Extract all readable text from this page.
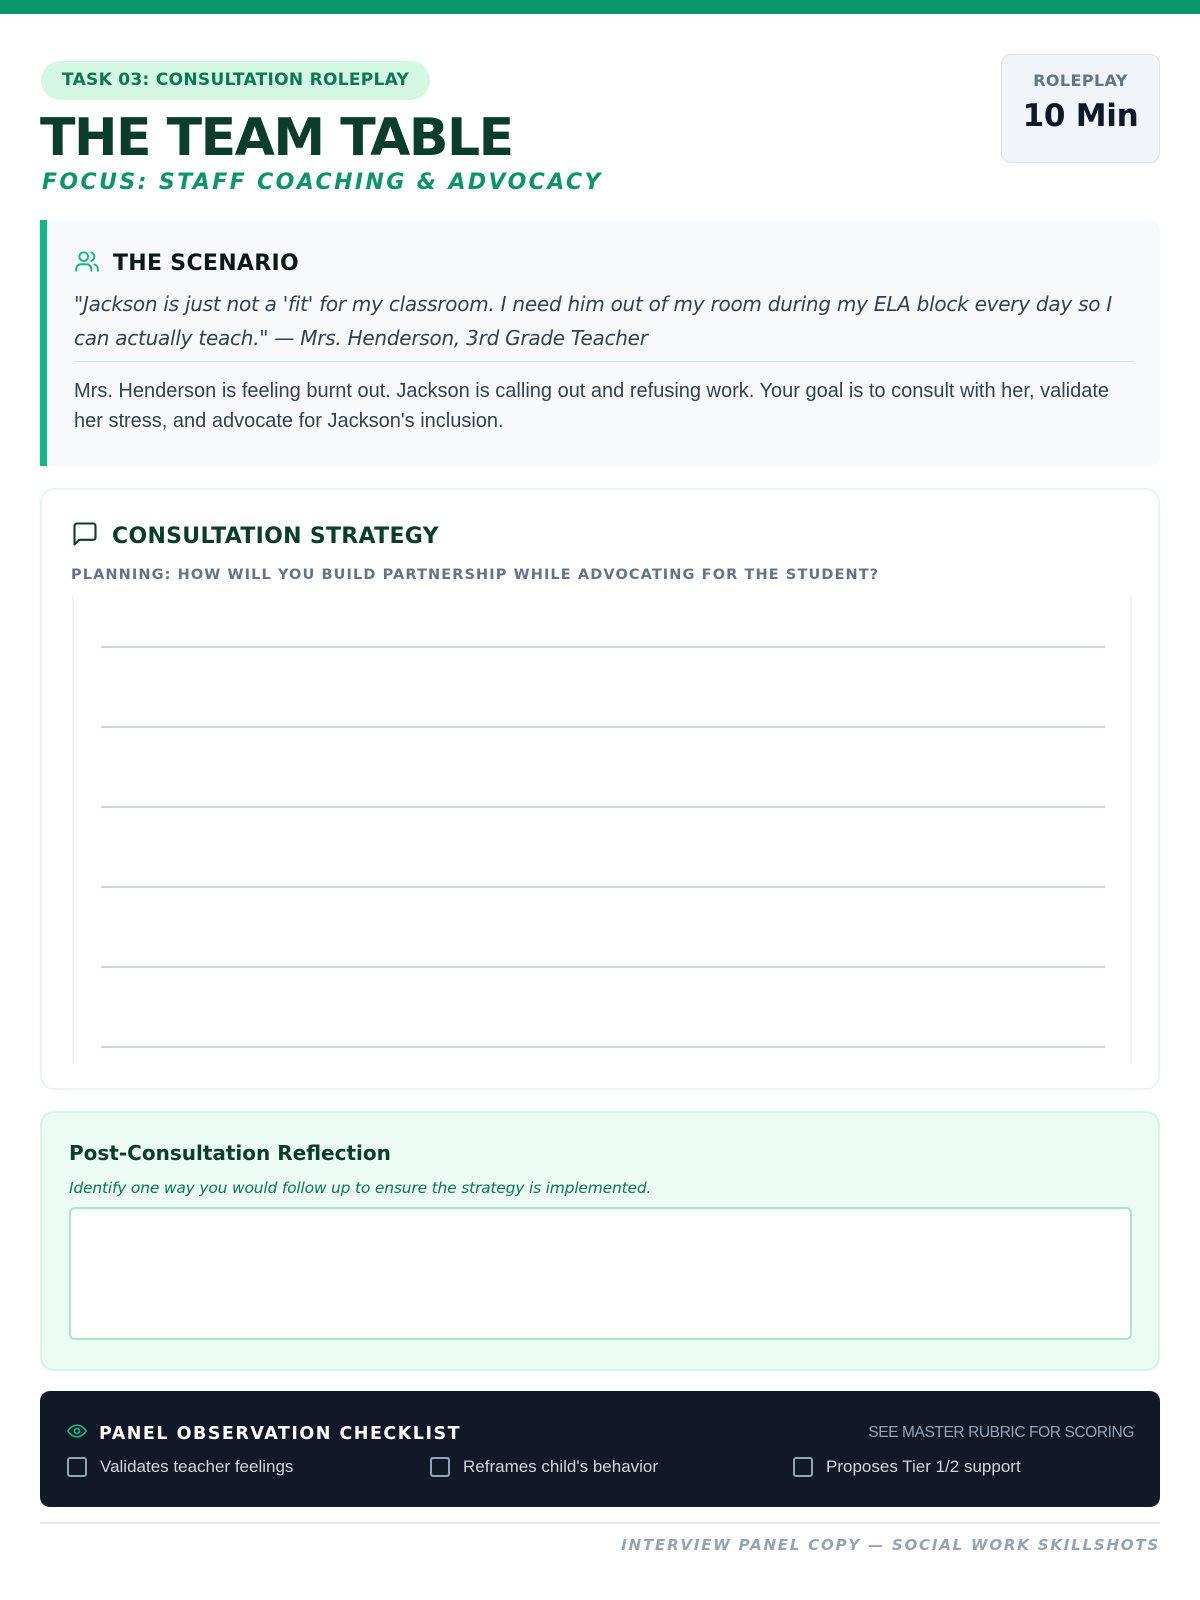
TASK 03: CONSULTATION ROLEPLAY
THE TEAM TABLE
FOCUS: STAFF COACHING & ADVOCACY
ROLEPLAY
10 Min
THE SCENARIO

"Jackson is just not a 'fit' for my classroom. I need him out of my room during my ELA block every day so I can actually teach." — Mrs. Henderson, 3rd Grade Teacher

Mrs. Henderson is feeling burnt out. Jackson is calling out and refusing work. Your goal is to consult with her, validate her stress, and advocate for Jackson's inclusion.

CONSULTATION STRATEGY

PLANNING: HOW WILL YOU BUILD PARTNERSHIP WHILE ADVOCATING FOR THE STUDENT?

Post-Consultation Reflection

Identify one way you would follow up to ensure the strategy is implemented.

PANEL OBSERVATION CHECKLIST	SEE MASTER RUBRIC FOR SCORING
Validates teacher feelings	Reframes child's behavior	Proposes Tier 1/2 support
INTERVIEW PANEL COPY — SOCIAL WORK SKILLSHOTS
